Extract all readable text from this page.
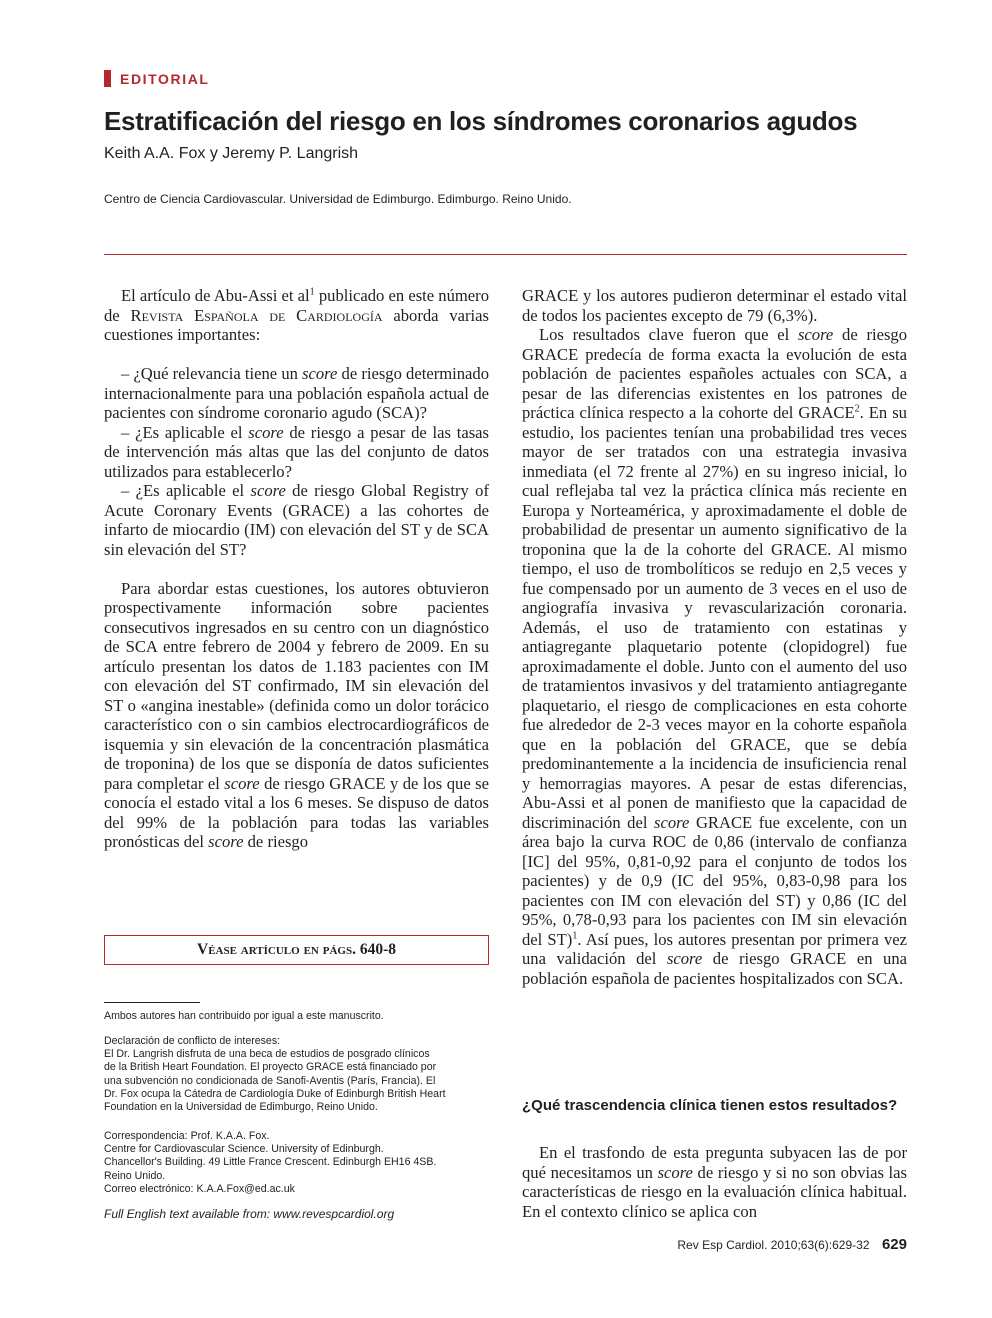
EDITORIAL
Estratificación del riesgo en los síndromes coronarios agudos
Keith A.A. Fox y Jeremy P. Langrish
Centro de Ciencia Cardiovascular. Universidad de Edimburgo. Edimburgo. Reino Unido.

El artículo de Abu-Assi et $al^1$ publicado en este número de Revista Española de Cardiología aborda varias cuestiones importantes:

– ¿Qué relevancia tiene un score de riesgo determinado internacionalmente para una población española actual de pacientes con síndrome coronario agudo (SCA)?

– ¿Es aplicable el score de riesgo a pesar de las tasas de intervención más altas que las del conjunto de datos utilizados para establecerlo?

– ¿Es aplicable el score de riesgo Global Registry of Acute Coronary Events (GRACE) a las cohortes de infarto de miocardio (IM) con elevación del ST y de SCA sin elevación del ST?

Para abordar estas cuestiones, los autores obtuvieron prospectivamente información sobre pacientes consecutivos ingresados en su centro con un diagnóstico de SCA entre febrero de 2004 y febrero de 2009. En su artículo presentan los datos de 1.183 pacientes con IM con elevación del ST confirmado, IM sin elevación del ST o «angina inestable» (definida como un dolor torácico característico con o sin cambios electrocardiográficos de isquemia y sin elevación de la concentración plasmática de troponina) de los que se disponía de datos suficientes para completar el score de riesgo GRACE y de los que se conocía el estado vital a los 6 meses. Se dispuso de datos del 99% de la población para todas las variables pronósticas del score de riesgo

Véase artículo en págs.
640-8
Ambos autores han contribuido por igual a este manuscrito.
Declaración de conflicto de intereses:
El Dr. Langrish disfruta de una beca de estudios de posgrado clínicos
de la British Heart Foundation. El proyecto GRACE está financiado por
una subvención no condicionada de Sanofi-Aventis (París, Francia). El
Dr. Fox ocupa la Cátedra de Cardiología Duke of Edinburgh British Heart
Foundation en la Universidad de Edimburgo, Reino Unido.
Correspondencia: Prof. K.A.A. Fox.
Centre for Cardiovascular Science. University of Edinburgh.
Chancellor's Building. 49 Little France Crescent. Edinburgh EH16 4SB.
Reino Unido.
Correo electrónico: K.A.A.Fox@ed.ac.uk
Full English text available from: www.revespcardiol.org

GRACE y los autores pudieron determinar el estado vital de todos los pacientes excepto de 79 (6,3%).

Los resultados clave fueron que el score de riesgo GRACE predecía de forma exacta la evolución de esta población de pacientes españoles actuales con SCA, a pesar de las diferencias existentes en los patrones de práctica clínica respecto a la cohorte del GRACE$^2$. En su estudio, los pacientes tenían una probabilidad tres veces mayor de ser tratados con una estrategia invasiva inmediata (el 72 frente al 27%) en su ingreso inicial, lo cual reflejaba tal vez la práctica clínica más reciente en Europa y Norteamérica, y aproximadamente el doble de probabilidad de presentar un aumento significativo de la troponina que la de la cohorte del GRACE. Al mismo tiempo, el uso de trombolíticos se redujo en 2,5 veces y fue compensado por un aumento de 3 veces en el uso de angiografía invasiva y revascularización coronaria. Además, el uso de tratamiento con estatinas y antiagregante plaquetario potente (clopidogrel) fue aproximadamente el doble. Junto con el aumento del uso de tratamientos invasivos y del tratamiento antiagregante plaquetario, el riesgo de complicaciones en esta cohorte fue alrededor de 2-3 veces mayor en la cohorte española que en la población del GRACE, que se debía predominantemente a la incidencia de insuficiencia renal y hemorragias mayores. A pesar de estas diferencias, Abu-Assi et al ponen de manifiesto que la capacidad de discriminación del score GRACE fue excelente, con un área bajo la curva ROC de 0,86 (intervalo de confianza [IC] del 95%, 0,81-0,92 para el conjunto de todos los pacientes) y de 0,9 (IC del 95%, 0,83-0,98 para los pacientes con IM con elevación del ST) y 0,86 (IC del 95%, 0,78-0,93 para los pacientes con IM sin elevación del ST)$^1$. Así pues, los autores presentan por primera vez una validación del score de riesgo GRACE en una población española de pacientes hospitalizados con SCA.

¿Qué trascendencia clínica tienen estos resultados?

En el trasfondo de esta pregunta subyacen las de por qué necesitamos un score de riesgo y si no son obvias las características de riesgo en la evaluación clínica habitual. En el contexto clínico se aplica con

Rev Esp Cardiol. 2010;63(6):629-32 629
